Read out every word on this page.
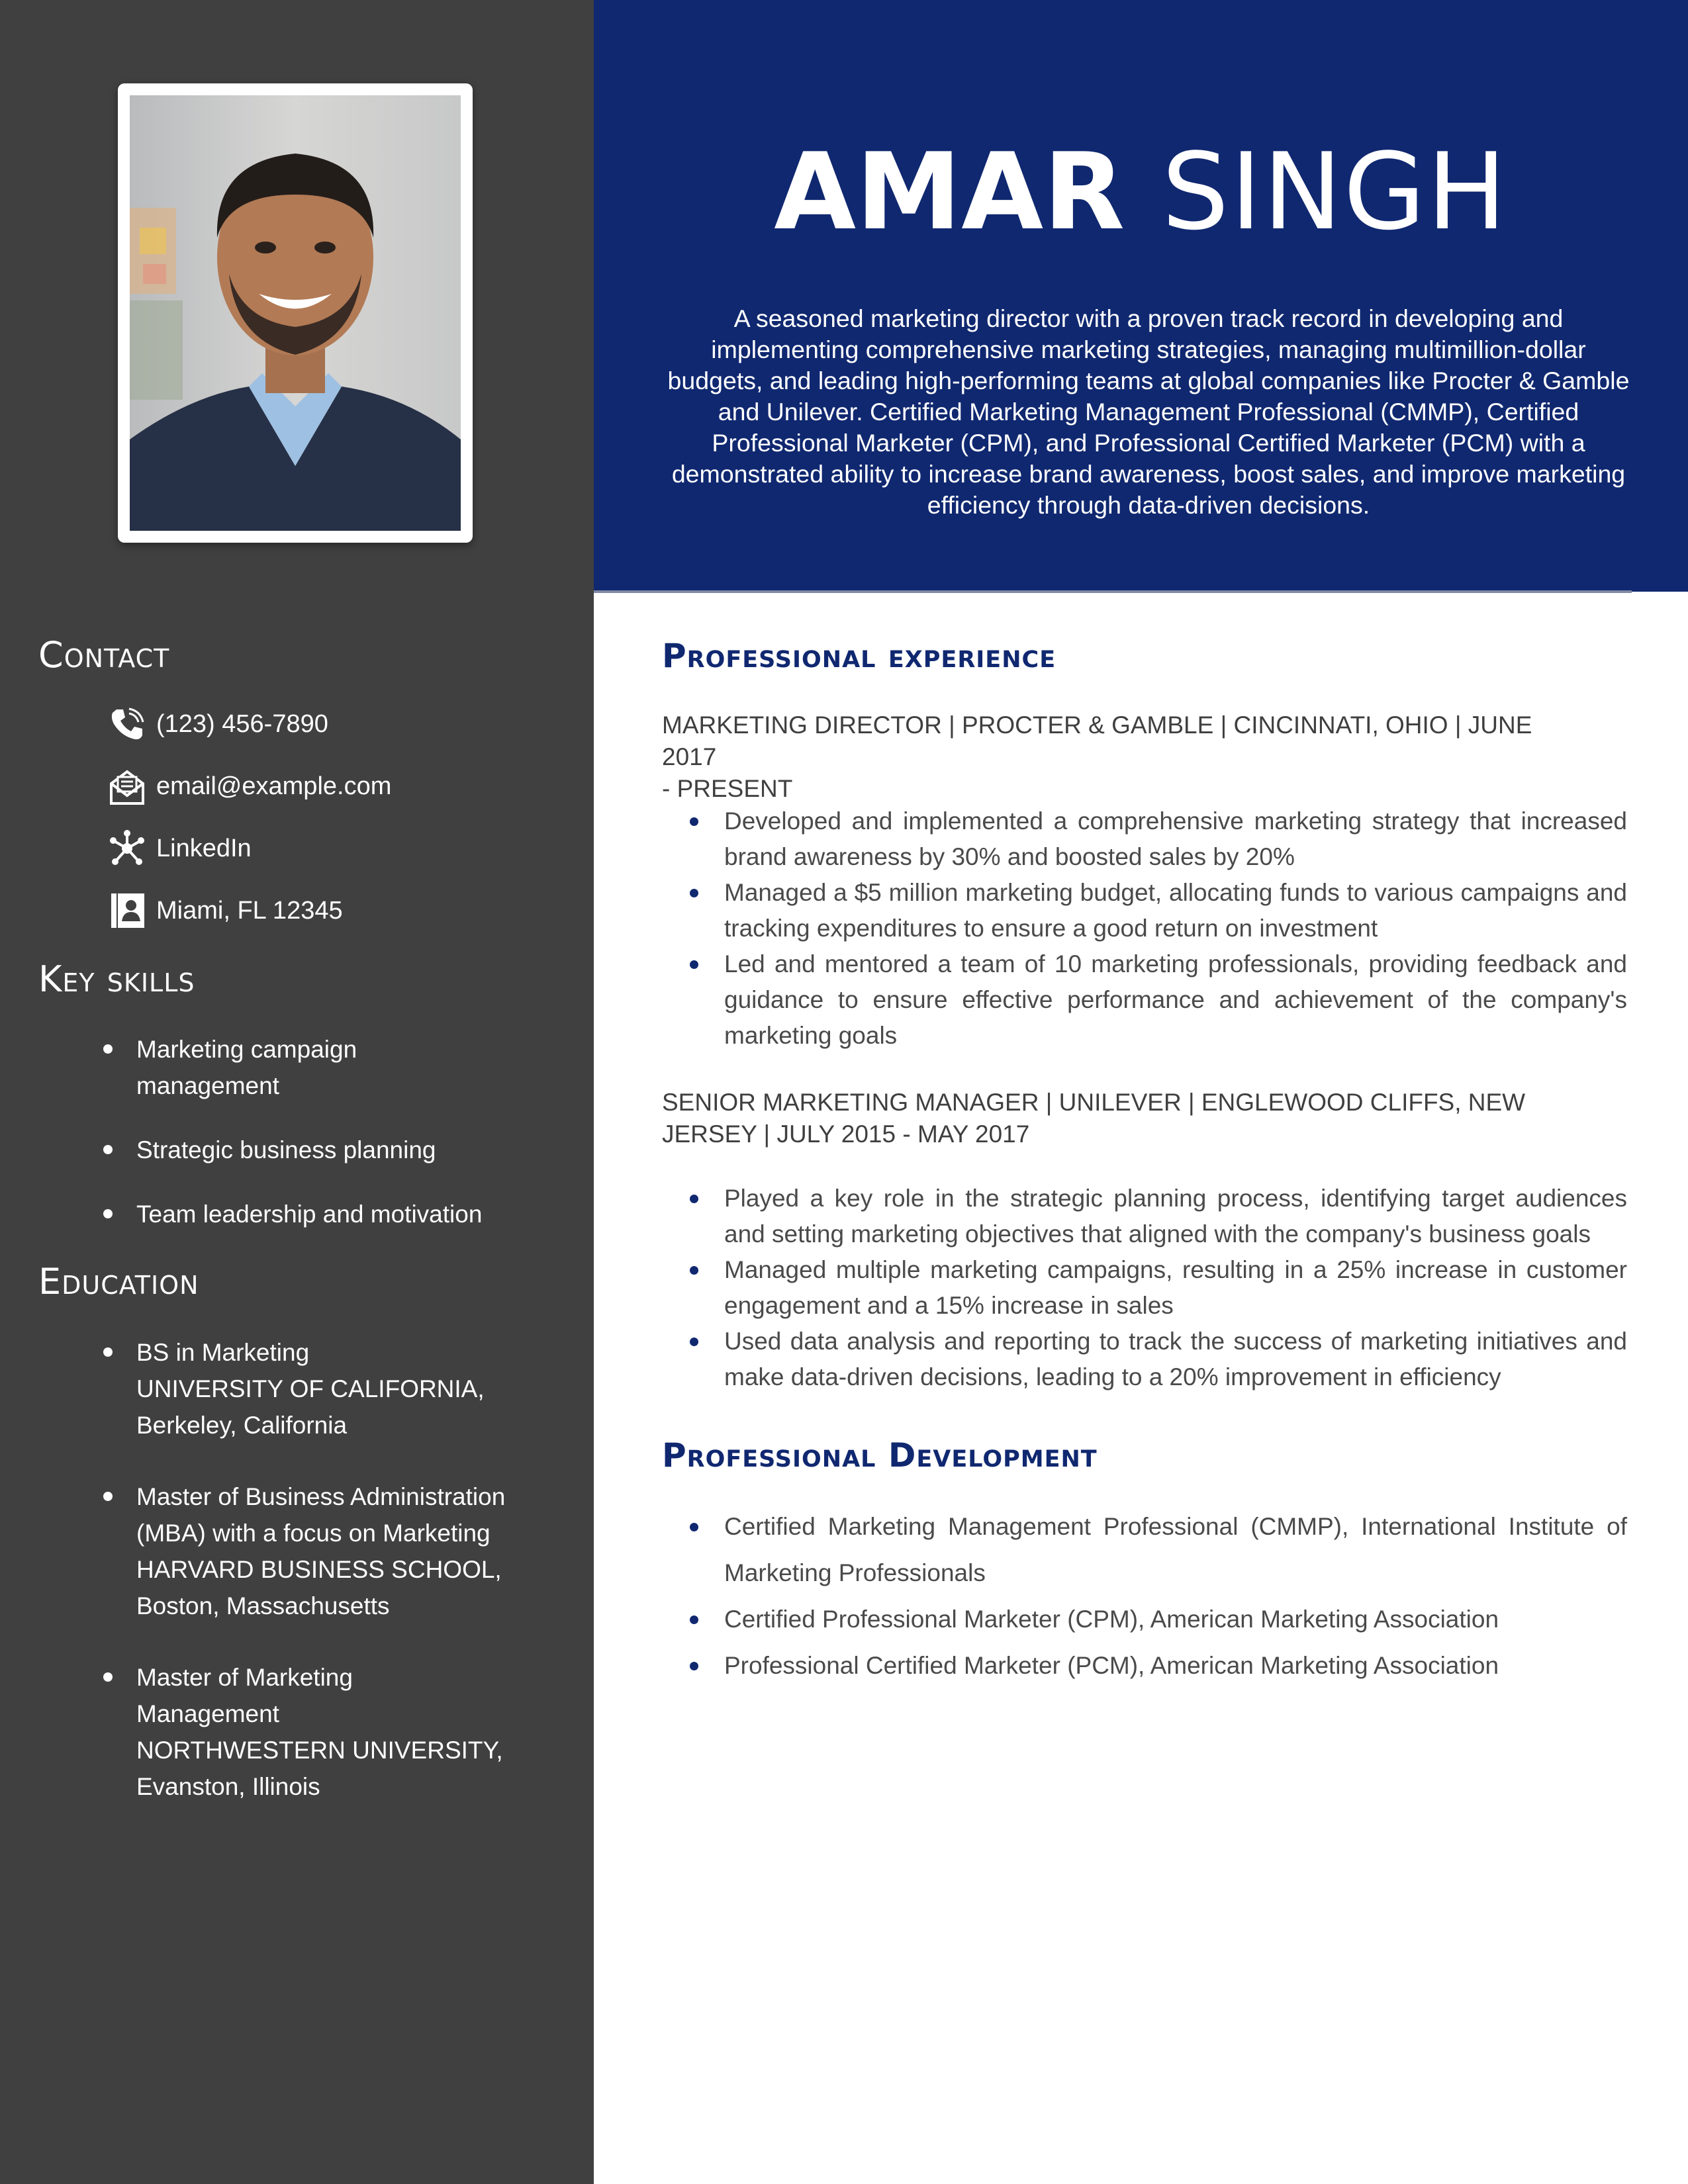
Contact
(123) 456-7890
email@example.com
LinkedIn
Miami, FL 12345
Key skills
Marketing campaign
management
Strategic business planning
Team leadership and motivation
Education
BS in Marketing
UNIVERSITY OF CALIFORNIA,
Berkeley, California
Master of Business Administration
(MBA) with a focus on Marketing
HARVARD BUSINESS SCHOOL,
Boston, Massachusetts
Master of Marketing
Management
NORTHWESTERN UNIVERSITY,
Evanston, Illinois
AMAR SINGH

A seasoned marketing director with a proven track record in developing and implementing comprehensive marketing strategies, managing multimillion-dollar budgets, and leading high-performing teams at global companies like Procter & Gamble and Unilever. Certified Marketing Management Professional (CMMP), Certified Professional Marketer (CPM), and Professional Certified Marketer (PCM) with a demonstrated ability to increase brand awareness, boost sales, and improve marketing efficiency through data-driven decisions.

Professional experience
MARKETING DIRECTOR | PROCTER & GAMBLE | CINCINNATI, OHIO | JUNE 2017
- PRESENT
Developed and implemented a comprehensive marketing strategy that increased brand awareness by 30% and boosted sales by 20%
Managed a $5 million marketing budget, allocating funds to various campaigns and tracking expenditures to ensure a good return on investment
Led and mentored a team of 10 marketing professionals, providing feedback and guidance to ensure effective performance and achievement of the company's marketing goals
SENIOR MARKETING MANAGER | UNILEVER | ENGLEWOOD CLIFFS, NEW
JERSEY | JULY 2015 - MAY 2017
Played a key role in the strategic planning process, identifying target audiences and setting marketing objectives that aligned with the company's business goals
Managed multiple marketing campaigns, resulting in a 25% increase in customer engagement and a 15% increase in sales
Used data analysis and reporting to track the success of marketing initiatives and make data-driven decisions, leading to a 20% improvement in efficiency
Professional Development
Certified Marketing Management Professional (CMMP), International Institute of Marketing Professionals
Certified Professional Marketer (CPM), American Marketing Association
Professional Certified Marketer (PCM), American Marketing Association
